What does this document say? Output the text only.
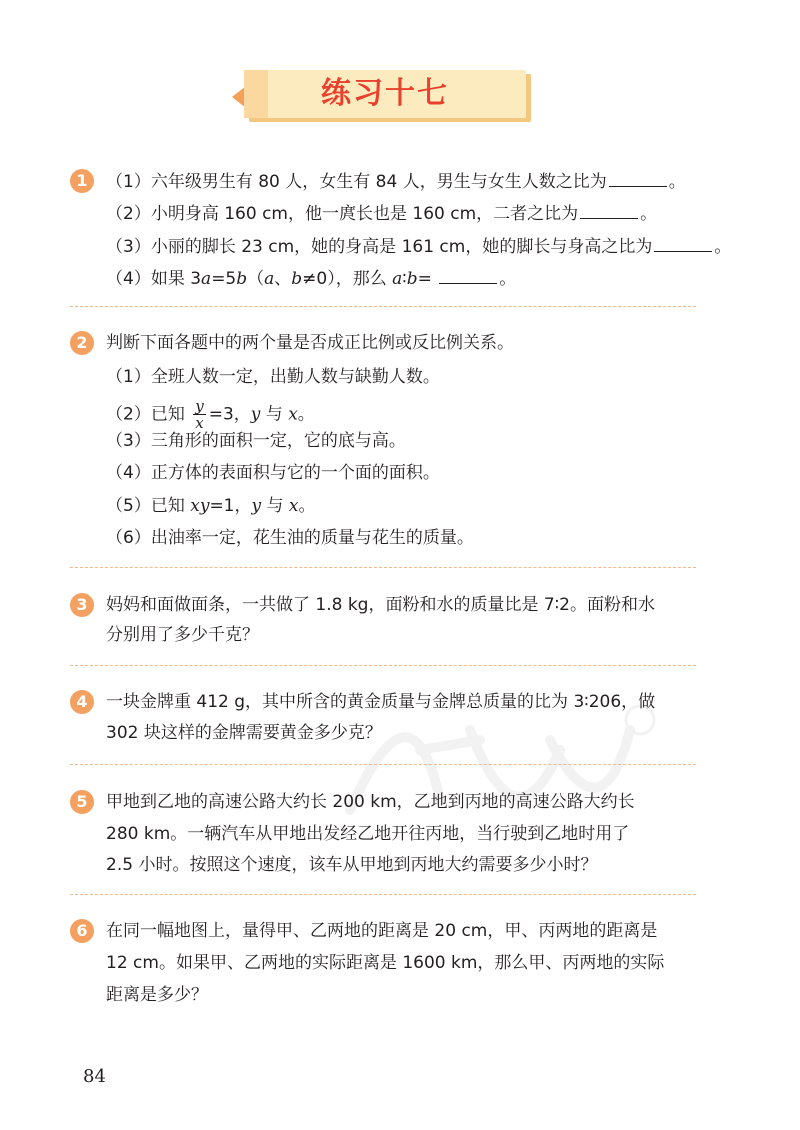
练习十七
1	（1）六年级男生有 80 人，女生有 84 人，男生与女生人数之比为	。
（2）小明身高 160 cm，他一庹长也是 160 cm，二者之比为	。
（3）小丽的脚长 23 cm，她的身高是 161 cm，她的脚长与身高之比为	。
（4）如果 3a=5b（a、b≠0），那么 a∶b=	。
2	判断下面各题中的两个量是否成正比例或反比例关系。
（1）全班人数一定，出勤人数与缺勤人数。
（2）已知 $\frac{y}{x} =3$，y 与 x。
（3）三角形的面积一定，它的底与高。
（4）正方体的表面积与它的一个面的面积。
（5）已知 xy=1，y 与 x。
（6）出油率一定，花生油的质量与花生的质量。
3	妈妈和面做面条，一共做了 1.8 kg，面粉和水的质量比是 7∶2。面粉和水
分别用了多少千克？
4	一块金牌重 412 g，其中所含的黄金质量与金牌总质量的比为 3∶206，做
302 块这样的金牌需要黄金多少克？
5	甲地到乙地的高速公路大约长 200 km，乙地到丙地的高速公路大约长
280 km。一辆汽车从甲地出发经乙地开往丙地，当行驶到乙地时用了
2.5 小时。按照这个速度，该车从甲地到丙地大约需要多少小时？
6	在同一幅地图上，量得甲、乙两地的距离是 20 cm，甲、丙两地的距离是
12 cm。如果甲、乙两地的实际距离是 1600 km，那么甲、丙两地的实际
距离是多少？
84
